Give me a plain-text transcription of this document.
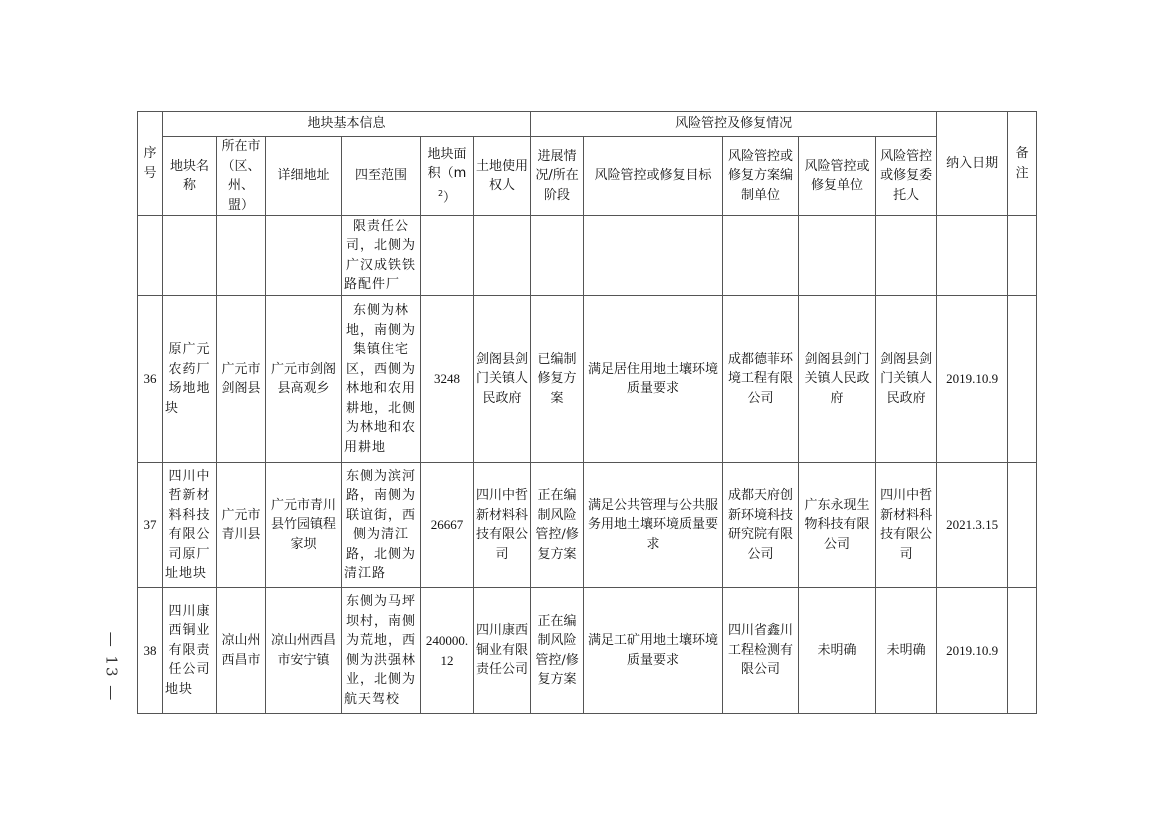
— 13 —
序号	地块基本信息						风险管控及修复情况					纳入日期	备注
	地块名称	所在市（区、州、盟）	详细地址	四至范围	地块面积$(m^2)$	土地使用权人	进展情况/所在阶段	风险管控或修复目标	风险管控或修复方案编制单位	风险管控或修复单位	风险管控或修复委托人		
				限责任公司，北侧为广汉成铁铁路配件厂									
36	原广元农药厂场地地块	广元市剑阁县	广元市剑阁县高观乡	东侧为林地，南侧为集镇住宅区，西侧为林地和农用耕地，北侧为林地和农用耕地	3248	剑阁县剑门关镇人民政府	已编制修复方案	满足居住用地土壤环境质量要求	成都德菲环境工程有限公司	剑阁县剑门关镇人民政府	剑阁县剑门关镇人民政府	2019.10.9	
37	四川中哲新材料科技有限公司原厂址地块	广元市青川县	广元市青川县竹园镇程家坝	东侧为滨河路，南侧为联谊街，西侧为清江路，北侧为清江路	26667	四川中哲新材料科技有限公司	正在编制风险管控/修复方案	满足公共管理与公共服务用地土壤环境质量要求	成都天府创新环境科技研究院有限公司	广东永现生物科技有限公司	四川中哲新材料科技有限公司	2021.3.15	
38	四川康西铜业有限责任公司地块	凉山州西昌市	凉山州西昌市安宁镇	东侧为马坪坝村，南侧为荒地，西侧为洪强林业，北侧为航天驾校	240000.12	四川康西铜业有限责任公司	正在编制风险管控/修复方案	满足工矿用地土壤环境质量要求	四川省鑫川工程检测有限公司	未明确	未明确	2019.10.9	
